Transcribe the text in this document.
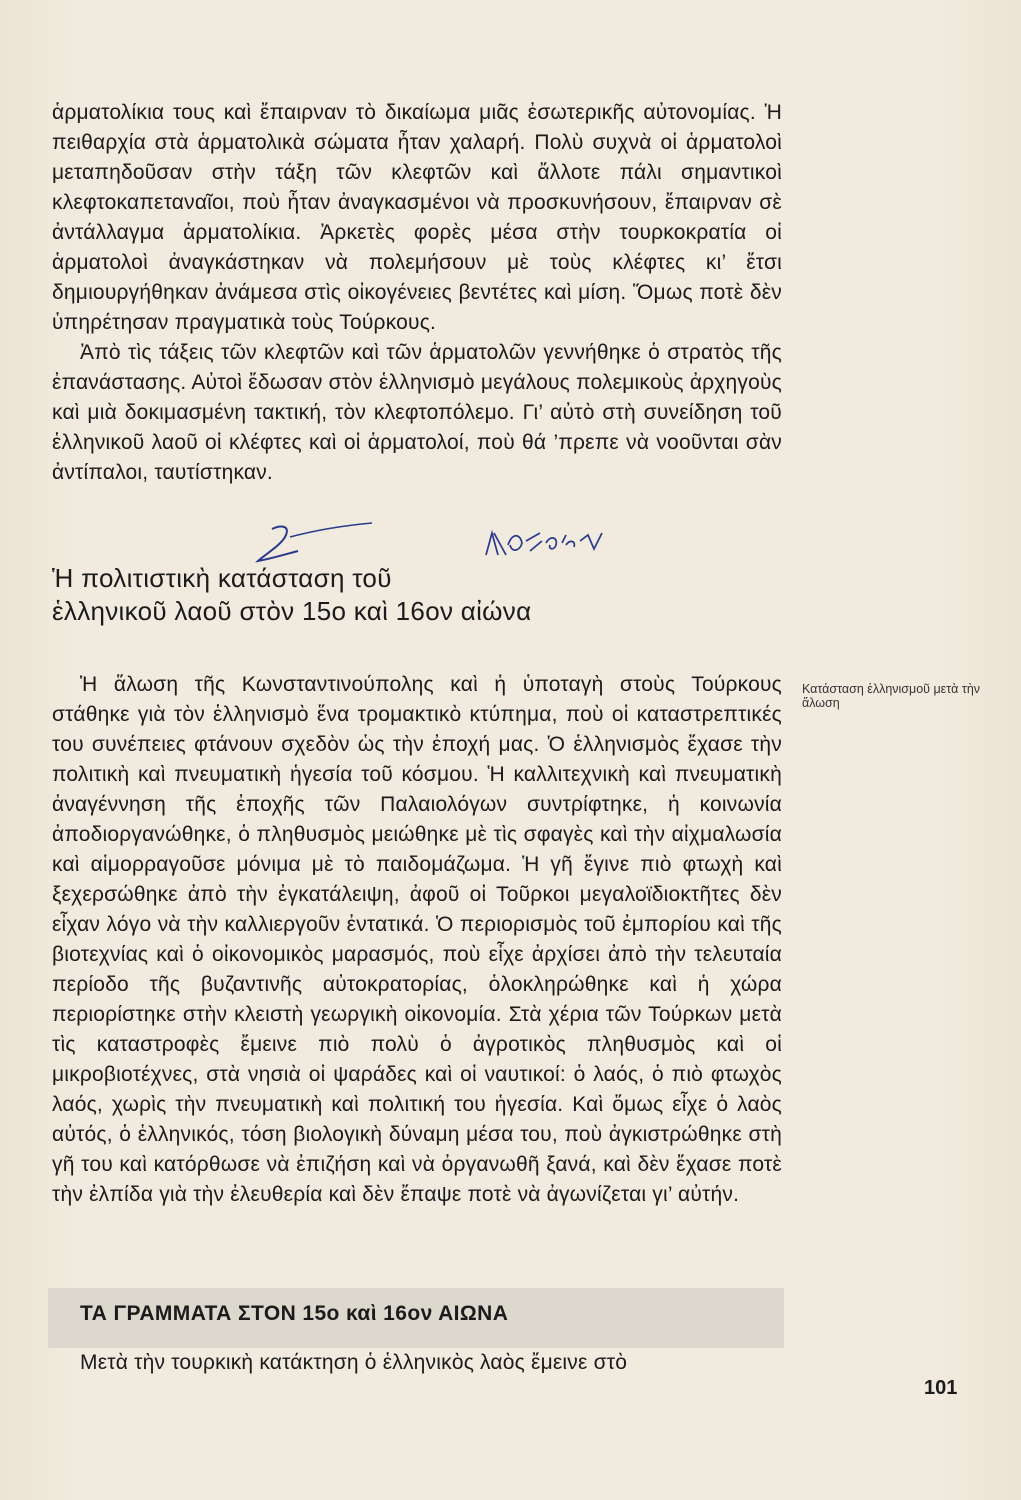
ἁρματολίκια τους καὶ ἔπαιρναν τὸ δικαίωμα μιᾶς ἐσωτερικῆς αὐτονομίας. Ἡ πειθαρχία στὰ ἁρματολικὰ σώματα ἦταν χαλαρή. Πολὺ συχνὰ οἱ ἁρματολοὶ μεταπηδοῦσαν στὴν τάξη τῶν κλεφτῶν καὶ ἄλλοτε πάλι σημαντικοὶ κλεφτοκαπεταναῖοι, ποὺ ἦταν ἀναγκασμένοι νὰ προσκυνήσουν, ἔπαιρναν σὲ ἀντάλλαγμα ἁρματολίκια. Ἀρκετὲς φορὲς μέσα στὴν τουρκοκρατία οἱ ἁρματολοὶ ἀναγκάστηκαν νὰ πολεμήσουν μὲ τοὺς κλέφτες κι’ ἔτσι δημιουργήθηκαν ἀνάμεσα στὶς οἰκογένειες βεντέτες καὶ μίση. Ὅμως ποτὲ δὲν ὑπηρέτησαν πραγματικὰ τοὺς Τούρκους.

Ἀπὸ τὶς τάξεις τῶν κλεφτῶν καὶ τῶν ἁρματολῶν γεννήθηκε ὁ στρατὸς τῆς ἐπανάστασης. Αὐτοὶ ἔδωσαν στὸν ἑλληνισμὸ μεγάλους πολεμικοὺς ἀρχηγοὺς καὶ μιὰ δοκιμασμένη τακτική, τὸν κλεφτοπόλεμο. Γι’ αὐτὸ στὴ συνείδηση τοῦ ἑλληνικοῦ λαοῦ οἱ κλέφτες καὶ οἱ ἁρματολοί, ποὺ θά ’πρεπε νὰ νοοῦνται σὰν ἀντίπαλοι, ταυτίστηκαν.

Ἡ πολιτιστικὴ κατάσταση τοῦ
ἑλληνικοῦ λαοῦ στὸν 15ο καὶ 16ον αἰώνα

Ἡ ἅλωση τῆς Κωνσταντινούπολης καὶ ἡ ὑποταγὴ στοὺς Τούρκους στάθηκε γιὰ τὸν ἑλληνισμὸ ἕνα τρομακτικὸ κτύπημα, ποὺ οἱ καταστρεπτικές του συνέπειες φτάνουν σχεδὸν ὡς τὴν ἐποχή μας. Ὁ ἑλληνισμὸς ἔχασε τὴν πολιτικὴ καὶ πνευματικὴ ἡγεσία τοῦ κόσμου. Ἡ καλλιτεχνικὴ καὶ πνευματικὴ ἀναγέννηση τῆς ἐποχῆς τῶν Παλαιολόγων συντρίφτηκε, ἡ κοινωνία ἀποδιοργανώθηκε, ὁ πληθυσμὸς μειώθηκε μὲ τὶς σφαγὲς καὶ τὴν αἰχμαλωσία καὶ αἱμορραγοῦσε μόνιμα μὲ τὸ παιδομάζωμα. Ἡ γῆ ἔγινε πιὸ φτωχὴ καὶ ξεχερσώθηκε ἀπὸ τὴν ἐγκατάλειψη, ἀφοῦ οἱ Τοῦρκοι μεγαλοϊδιοκτῆτες δὲν εἶχαν λόγο νὰ τὴν καλλιεργοῦν ἐντατικά. Ὁ περιορισμὸς τοῦ ἐμπορίου καὶ τῆς βιοτεχνίας καὶ ὁ οἰκονομικὸς μαρασμός, ποὺ εἶχε ἀρχίσει ἀπὸ τὴν τελευταία περίοδο τῆς βυζαντινῆς αὐτοκρατορίας, ὁλοκληρώθηκε καὶ ἡ χώρα περιορίστηκε στὴν κλειστὴ γεωργικὴ οἰκονομία. Στὰ χέρια τῶν Τούρκων μετὰ τὶς καταστροφὲς ἔμεινε πιὸ πολὺ ὁ ἀγροτικὸς πληθυσμὸς καὶ οἱ μικροβιοτέχνες, στὰ νησιὰ οἱ ψαράδες καὶ οἱ ναυτικοί: ὁ λαός, ὁ πιὸ φτωχὸς λαός, χωρὶς τὴν πνευματικὴ καὶ πολιτική του ἡγεσία. Καὶ ὅμως εἶχε ὁ λαὸς αὐτός, ὁ ἑλληνικός, τόση βιολογικὴ δύναμη μέσα του, ποὺ ἀγκιστρώθηκε στὴ γῆ του καὶ κατόρθωσε νὰ ἐπιζήση καὶ νὰ ὀργανωθῆ ξανά, καὶ δὲν ἔχασε ποτὲ τὴν ἐλπίδα γιὰ τὴν ἐλευθερία καὶ δὲν ἔπαψε ποτὲ νὰ ἀγωνίζεται γι’ αὐτήν.

Κατάσταση ἑλληνισμοῦ μετὰ τὴν ἅλωση

ΤΑ ΓΡΑΜΜΑΤΑ ΣΤΟΝ 15ο καὶ 16ον ΑΙΩΝΑ

Μετὰ τὴν τουρκικὴ κατάκτηση ὁ ἑλληνικὸς λαὸς ἔμεινε στὸ

101
